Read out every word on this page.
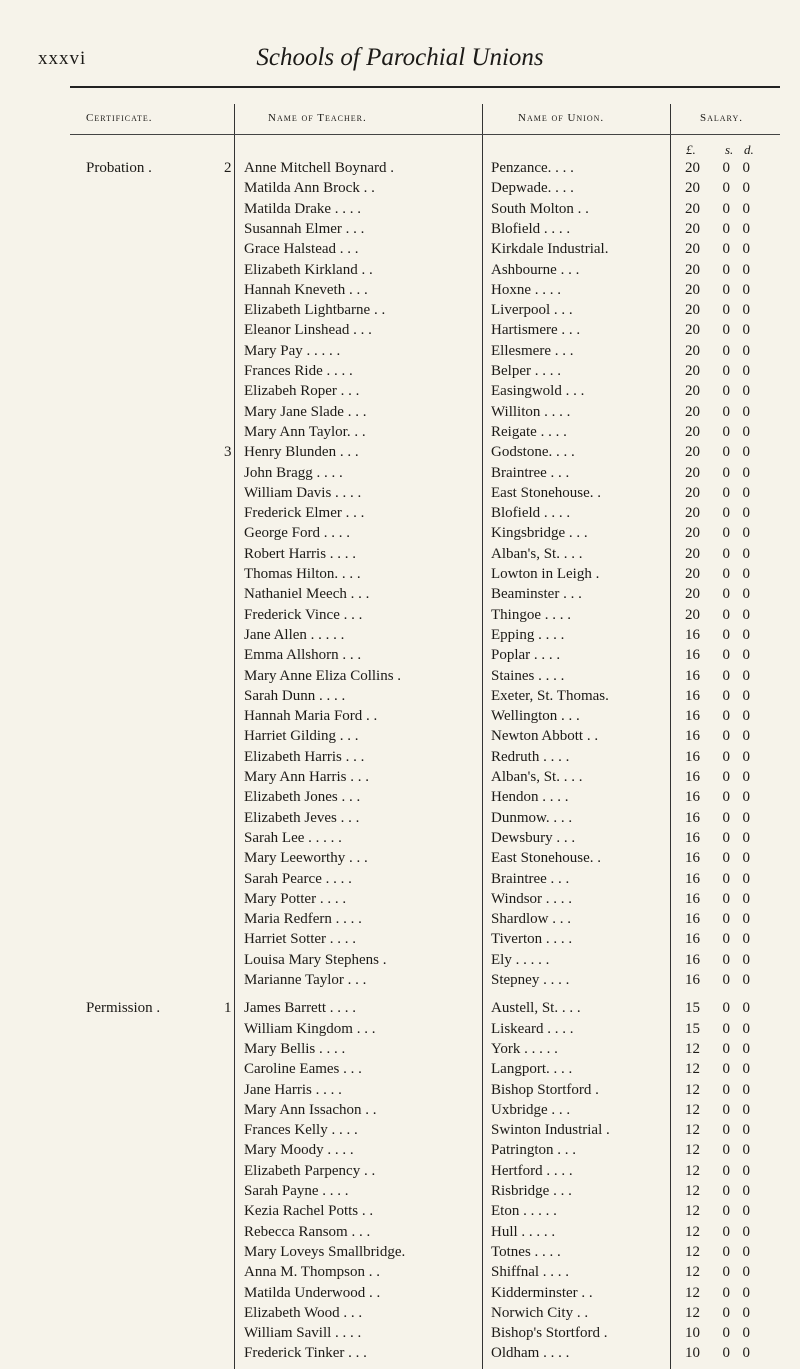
xxxvi	Schools of Parochial Unions
Certificate.	Name of Teacher.	Name of Union.	Salary.
£. s. d.
Probation .	2 Anne Mitchell Boynard .	Penzance. . . .	20 0 0
Matilda Ann Brock . .	Depwade. . . .	20 0 0
Matilda Drake . . . .	South Molton . .	20 0 0
Susannah Elmer . . .	Blofield . . . .	20 0 0
Grace Halstead . . .	Kirkdale Industrial.	20 0 0
Elizabeth Kirkland . .	Ashbourne . . .	20 0 0
Hannah Kneveth . . .	Hoxne . . . .	20 0 0
Elizabeth Lightbarne . .	Liverpool . . .	20 0 0
Eleanor Linshead . . .	Hartismere . . .	20 0 0
Mary Pay . . . . .	Ellesmere . . .	20 0 0
Frances Ride . . . .	Belper . . . .	20 0 0
Elizabeh Roper . . .	Easingwold . . .	20 0 0
Mary Jane Slade . . .	Williton . . . .	20 0 0
Mary Ann Taylor. . .	Reigate . . . .	20 0 0
3 Henry Blunden . . .	Godstone. . . .	20 0 0
John Bragg . . . .	Braintree . . .	20 0 0
William Davis . . . .	East Stonehouse. .	20 0 0
Frederick Elmer . . .	Blofield . . . .	20 0 0
George Ford . . . .	Kingsbridge . . .	20 0 0
Robert Harris . . . .	Alban's, St. . . .	20 0 0
Thomas Hilton. . . .	Lowton in Leigh .	20 0 0
Nathaniel Meech . . .	Beaminster . . .	20 0 0
Frederick Vince . . .	Thingoe . . . .	20 0 0
Jane Allen . . . . .	Epping . . . .	16 0 0
Emma Allshorn . . .	Poplar . . . .	16 0 0
Mary Anne Eliza Collins .	Staines . . . .	16 0 0
Sarah Dunn . . . .	Exeter, St. Thomas.	16 0 0
Hannah Maria Ford . .	Wellington . . .	16 0 0
Harriet Gilding . . .	Newton Abbott . .	16 0 0
Elizabeth Harris . . .	Redruth . . . .	16 0 0
Mary Ann Harris . . .	Alban's, St. . . .	16 0 0
Elizabeth Jones . . .	Hendon . . . .	16 0 0
Elizabeth Jeves . . .	Dunmow. . . .	16 0 0
Sarah Lee . . . . .	Dewsbury . . .	16 0 0
Mary Leeworthy . . .	East Stonehouse. .	16 0 0
Sarah Pearce . . . .	Braintree . . .	16 0 0
Mary Potter . . . .	Windsor . . . .	16 0 0
Maria Redfern . . . .	Shardlow . . .	16 0 0
Harriet Sotter . . . .	Tiverton . . . .	16 0 0
Louisa Mary Stephens .	Ely . . . . .	16 0 0
Marianne Taylor . . .	Stepney . . . .	16 0 0
Permission .	1 James Barrett . . . .	Austell, St. . . .	15 0 0
William Kingdom . . .	Liskeard . . . .	15 0 0
Mary Bellis . . . .	York . . . . .	12 0 0
Caroline Eames . . .	Langport. . . .	12 0 0
Jane Harris . . . .	Bishop Stortford .	12 0 0
Mary Ann Issachon . .	Uxbridge . . .	12 0 0
Frances Kelly . . . .	Swinton Industrial .	12 0 0
Mary Moody . . . .	Patrington . . .	12 0 0
Elizabeth Parpency . .	Hertford . . . .	12 0 0
Sarah Payne . . . .	Risbridge . . .	12 0 0
Kezia Rachel Potts . .	Eton . . . . .	12 0 0
Rebecca Ransom . . .	Hull . . . . .	12 0 0
Mary Loveys Smallbridge.	Totnes . . . .	12 0 0
Anna M. Thompson . .	Shiffnal . . . .	12 0 0
Matilda Underwood . .	Kidderminster . .	12 0 0
Elizabeth Wood . . .	Norwich City . .	12 0 0
William Savill . . . .	Bishop's Stortford .	10 0 0
Frederick Tinker . . .	Oldham . . . .	10 0 0
